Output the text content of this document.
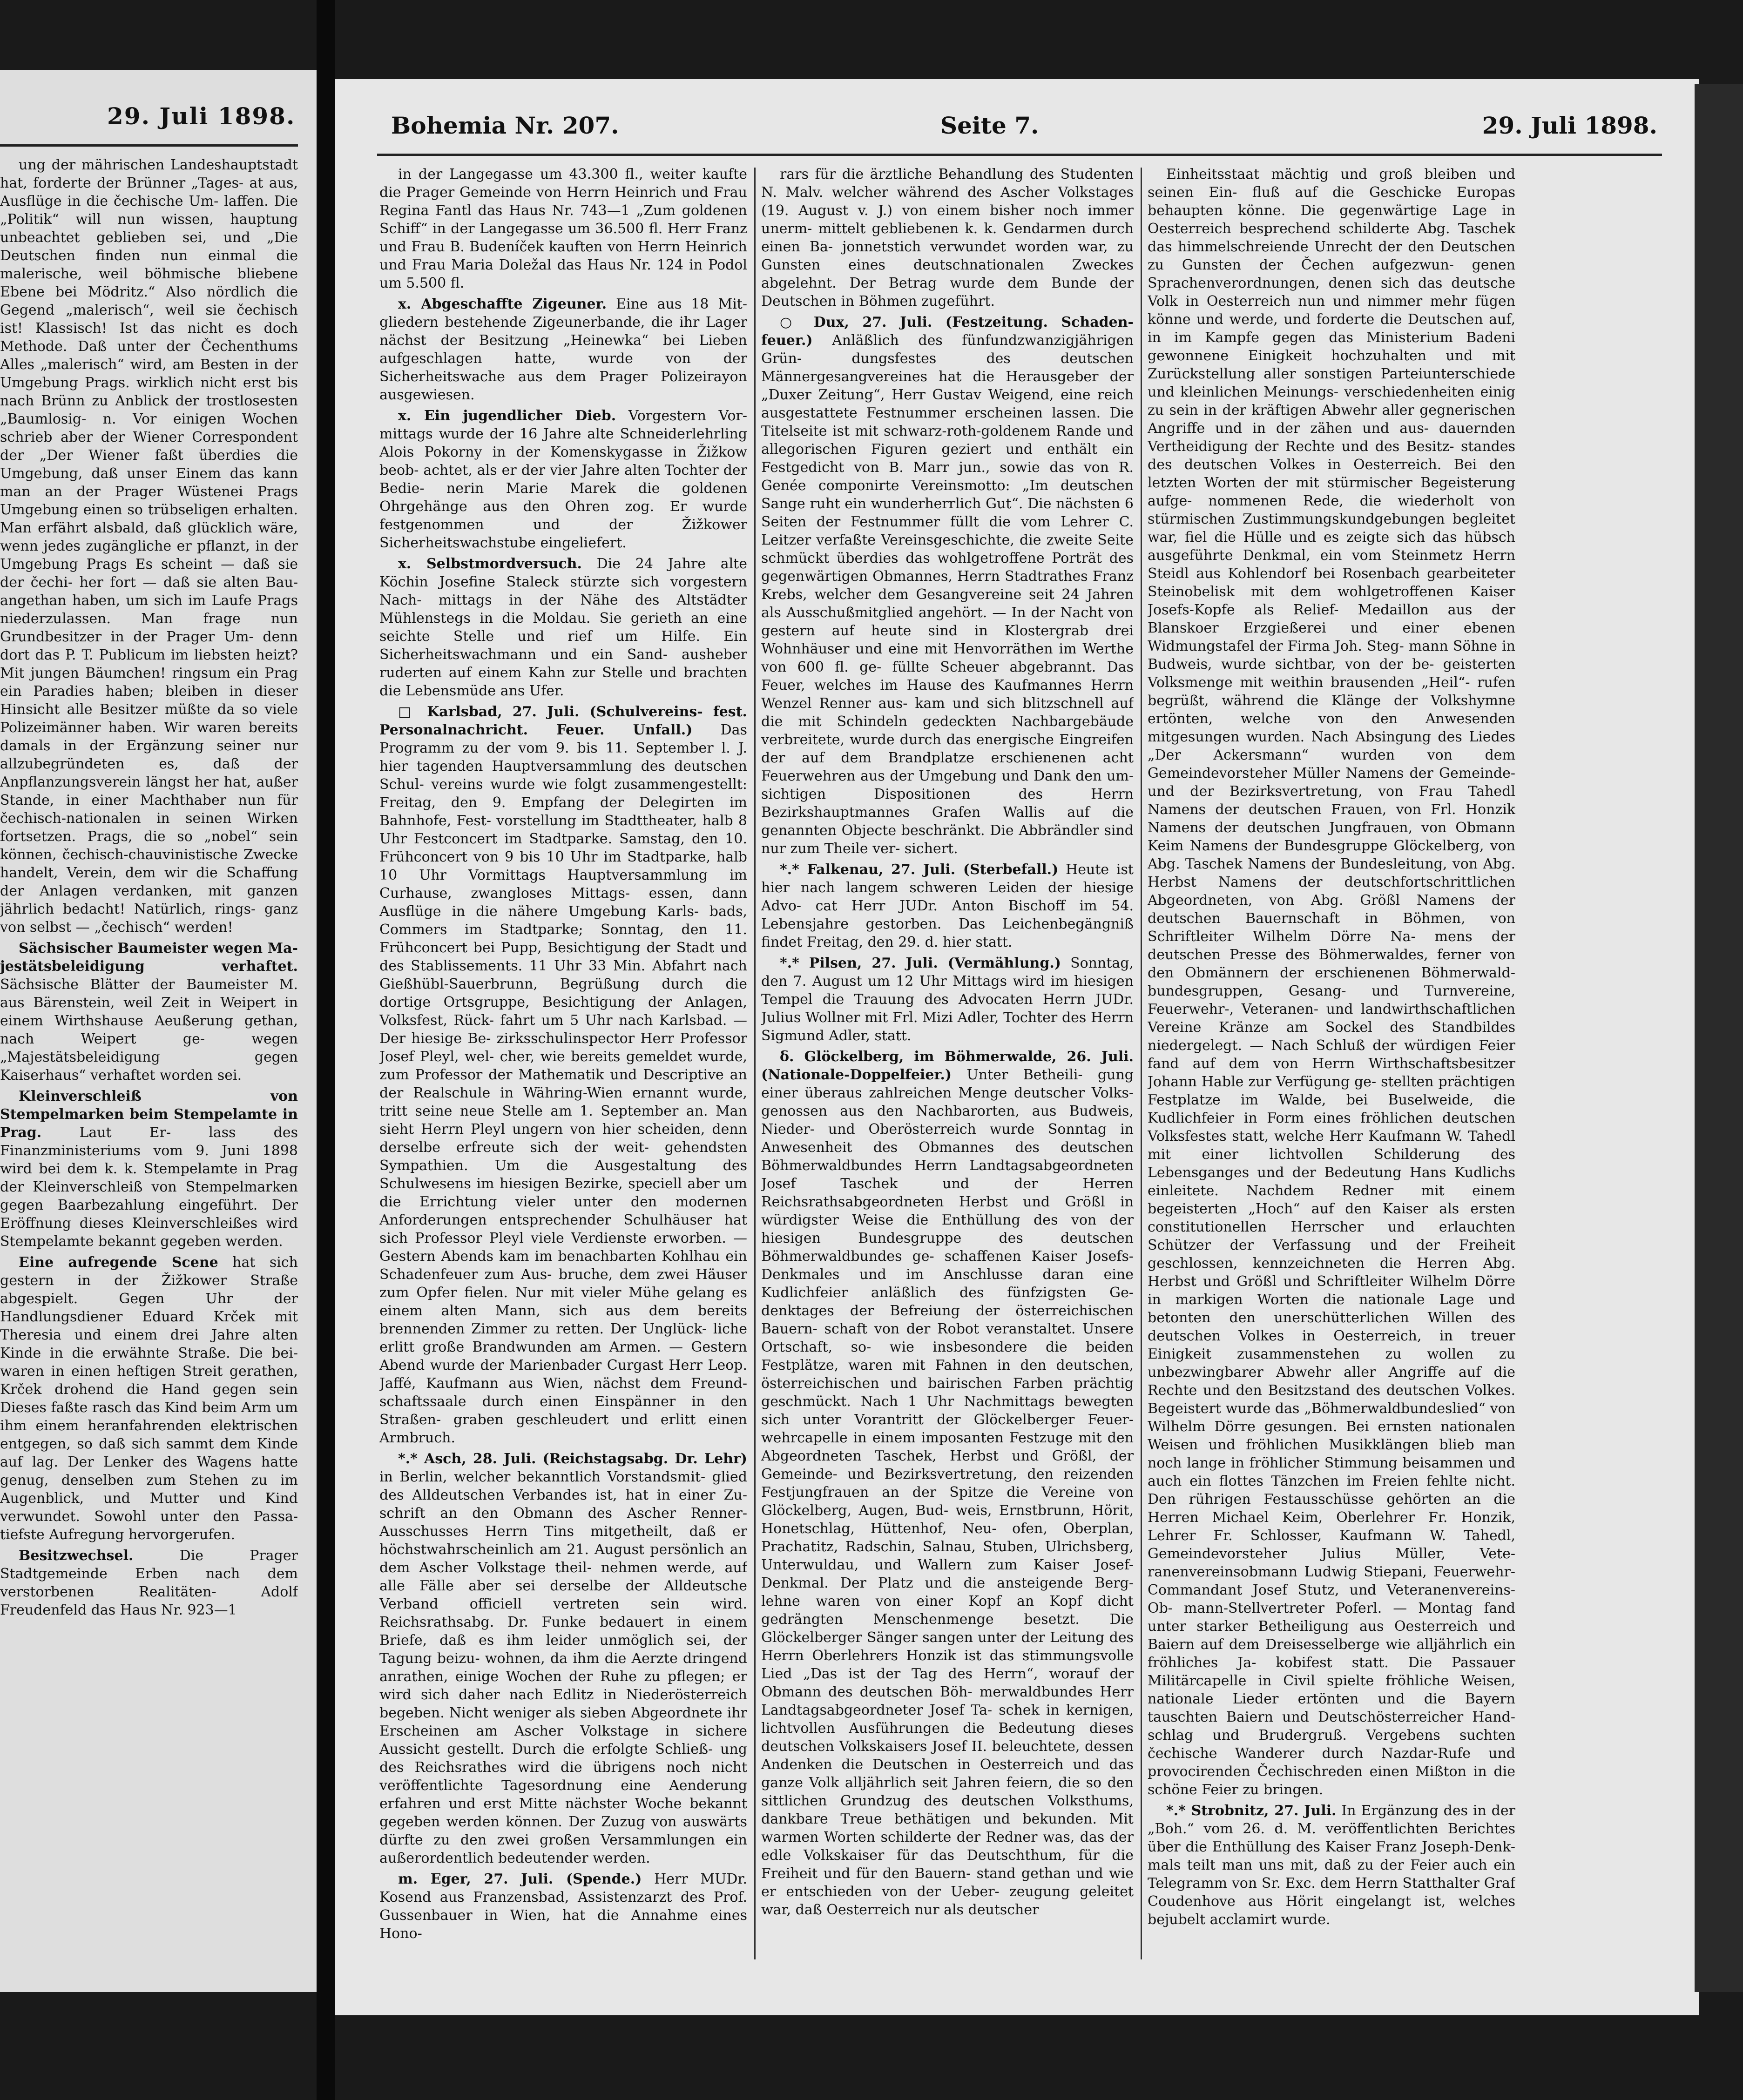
29. Juli 1898.

ung der mährischen Landeshauptstadt hat, forderte der Brünner „Tages- at aus, Ausflüge in die čechische Um- laffen. Die „Politik“ will nun wissen, hauptung unbeachtet geblieben sei, und „Die Deutschen finden nun einmal die malerische, weil böhmische bliebene Ebene bei Mödritz.“ Also nördlich die Gegend „malerisch“, weil sie čechisch ist! Klassisch! Ist das nicht es doch Methode. Daß unter der Čechenthums Alles „malerisch“ wird, am Besten in der Umgebung Prags. wirklich nicht erst bis nach Brünn zu Anblick der trostlosesten „Baumlosig- n. Vor einigen Wochen schrieb aber der Wiener Correspondent der „Der Wiener faßt überdies die Umgebung, daß unser Einem das kann man an der Prager Wüstenei Prags Umgebung einen so trübseligen erhalten. Man erfährt alsbald, daß glücklich wäre, wenn jedes zugängliche er pflanzt, in der Umgebung Prags Es scheint — daß sie der čechi- her fort — daß sie alten Bau- angethan haben, um sich im Laufe Prags niederzulassen. Man frage nun Grundbesitzer in der Prager Um- denn dort das P. T. Publicum im liebsten heizt? Mit jungen Bäumchen! ringsum ein Prag ein Paradies haben; bleiben in dieser Hinsicht alle Besitzer müßte da so viele Polizeimänner haben. Wir waren bereits damals in der Ergänzung seiner nur allzubegründeten es, daß der Anpflanzungsverein längst her hat, außer Stande, in einer Machthaber nun für čechisch-nationalen in seinen Wirken fortsetzen. Prags, die so „nobel“ sein können, čechisch-chauvinistische Zwecke handelt, Verein, dem wir die Schaffung der Anlagen verdanken, mit ganzen jährlich bedacht! Natürlich, rings- ganz von selbst — „čechisch“ werden!

Sächsischer Baumeister wegen Ma- jestätsbeleidigung verhaftet. Sächsische Blätter der Baumeister M. aus Bärenstein, weil Zeit in Weipert in einem Wirthshause Aeußerung gethan, nach Weipert ge- wegen „Majestätsbeleidigung gegen Kaiserhaus“ verhaftet worden sei.

Kleinverschleiß von Stempelmarken beim Stempelamte in Prag.	Laut Er- lass des Finanzministeriums vom 9. Juni 1898 wird bei dem k. k. Stempelamte in Prag der Kleinverschleiß von Stempelmarken gegen Baarbezahlung eingeführt. Der Eröffnung dieses Kleinverschleißes wird Stempelamte bekannt gegeben werden.

Eine aufregende Scene hat sich gestern in der Žižkower Straße abgespielt. Gegen Uhr der Handlungsdiener Eduard Krček mit Theresia und einem drei Jahre alten Kinde in die erwähnte Straße. Die bei- waren in einen heftigen Streit gerathen, Krček drohend die Hand gegen sein Dieses faßte rasch das Kind beim Arm um ihm einem heranfahrenden elektrischen entgegen, so daß sich sammt dem Kinde auf lag. Der Lenker des Wagens hatte genug, denselben zum Stehen zu im Augenblick, und Mutter und Kind verwundet. Sowohl unter den Passa- tiefste Aufregung hervorgerufen.

Besitzwechsel.	Die Prager Stadtgemeinde Erben nach dem verstorbenen Realitäten- Adolf Freudenfeld das Haus Nr. 923—1

Bohemia Nr. 207.	Seite 7.	29. Juli 1898.

in der Langegasse um 43.300 fl., weiter kaufte die Prager Gemeinde von Herrn Heinrich und Frau Regina Fantl das Haus Nr. 743—1 „Zum goldenen Schiff“ in der Langegasse um 36.500 fl. Herr Franz und Frau B. Budeníček kauften von Herrn Heinrich und Frau Maria Doležal das Haus Nr. 124 in Podol um 5.500 fl.

x. Abgeschaffte Zigeuner. Eine aus 18 Mit- gliedern bestehende Zigeunerbande, die ihr Lager nächst der Besitzung „Heinewka“ bei Lieben aufgeschlagen hatte, wurde von der Sicherheitswache aus dem Prager Polizeirayon ausgewiesen.

x. Ein jugendlicher Dieb. Vorgestern Vor- mittags wurde der 16 Jahre alte Schneiderlehrling Alois Pokorny in der Komenskygasse in Žižkow beob- achtet, als er der vier Jahre alten Tochter der Bedie- nerin Marie Marek die goldenen Ohrgehänge aus den Ohren zog. Er wurde festgenommen und der Žižkower Sicherheitswachstube eingeliefert.

x. Selbstmordversuch. Die 24 Jahre alte Köchin Josefine Staleck stürzte sich vorgestern Nach- mittags in der Nähe des Altstädter Mühlenstegs in die Moldau. Sie gerieth an eine seichte Stelle und rief um Hilfe. Ein Sicherheitswachmann und ein Sand- ausheber ruderten auf einem Kahn zur Stelle und brachten die Lebensmüde ans Ufer.

□ Karlsbad, 27. Juli. (Schulvereins- fest. Personalnachricht. Feuer. Unfall.) Das Programm zu der vom 9. bis 11. September l. J. hier tagenden Hauptversammlung des deutschen Schul- vereins wurde wie folgt zusammengestellt: Freitag, den 9. Empfang der Delegirten im Bahnhofe, Fest- vorstellung im Stadttheater, halb 8 Uhr Festconcert im Stadtparke. Samstag, den 10. Frühconcert von 9 bis 10 Uhr im Stadtparke, halb 10 Uhr Vormittags Hauptversammlung im Curhause, zwangloses Mittags- essen, dann Ausflüge in die nähere Umgebung Karls- bads, Commers im Stadtparke; Sonntag, den 11. Frühconcert bei Pupp, Besichtigung der Stadt und des Stablissements. 11 Uhr 33 Min. Abfahrt nach Gießhübl-Sauerbrunn, Begrüßung durch die dortige Ortsgruppe, Besichtigung der Anlagen, Volksfest, Rück- fahrt um 5 Uhr nach Karlsbad. — Der hiesige Be- zirksschulinspector Herr Professor Josef Pleyl, wel- cher, wie bereits gemeldet wurde, zum Professor der Mathematik und Descriptive an der Realschule in Währing-Wien ernannt wurde, tritt seine neue Stelle am 1. September an. Man sieht Herrn Pleyl ungern von hier scheiden, denn derselbe erfreute sich der weit- gehendsten Sympathien. Um die Ausgestaltung des Schulwesens im hiesigen Bezirke, speciell aber um die Errichtung vieler unter den modernen Anforderungen entsprechender Schulhäuser hat sich Professor Pleyl viele Verdienste erworben. — Gestern Abends kam im benachbarten Kohlhau ein Schadenfeuer zum Aus- bruche, dem zwei Häuser zum Opfer fielen. Nur mit vieler Mühe gelang es einem alten Mann, sich aus dem bereits brennenden Zimmer zu retten. Der Unglück- liche erlitt große Brandwunden am Armen. — Gestern Abend wurde der Marienbader Curgast Herr Leop. Jaffé, Kaufmann aus Wien, nächst dem Freund- schaftssaale durch einen Einspänner in den Straßen- graben geschleudert und erlitt einen Armbruch.

*.* Asch, 28. Juli. (Reichstagsabg. Dr. Lehr) in Berlin, welcher bekanntlich Vorstandsmit- glied des Alldeutschen Verbandes ist, hat in einer Zu- schrift an den Obmann des Ascher Renner-Ausschusses Herrn Tins mitgetheilt, daß er höchstwahrscheinlich am 21. August persönlich an dem Ascher Volkstage theil- nehmen werde, auf alle Fälle aber sei derselbe der Alldeutsche Verband officiell vertreten sein wird. Reichsrathsabg. Dr. Funke bedauert in einem Briefe, daß es ihm leider unmöglich sei, der Tagung beizu- wohnen, da ihm die Aerzte dringend anrathen, einige Wochen der Ruhe zu pflegen; er wird sich daher nach Edlitz in Niederösterreich begeben. Nicht weniger als sieben Abgeordnete ihr Erscheinen am Ascher Volkstage in sichere Aussicht gestellt. Durch die erfolgte Schließ- ung des Reichsrathes wird die übrigens noch nicht veröffentlichte Tagesordnung eine Aenderung erfahren und erst Mitte nächster Woche bekannt gegeben werden können. Der Zuzug von auswärts dürfte zu den zwei großen Versammlungen ein außerordentlich bedeutender werden.

m. Eger, 27. Juli. (Spende.) Herr MUDr. Kosend aus Franzensbad, Assistenzarzt des Prof. Gussenbauer in Wien, hat die Annahme eines Hono-

rars für die ärztliche Behandlung des Studenten N. Malv. welcher während des Ascher Volkstages (19. August v. J.) von einem bisher noch immer unerm- mittelt gebliebenen k. k. Gendarmen durch einen Ba- jonnetstich verwundet worden war, zu Gunsten eines deutschnationalen Zweckes abgelehnt. Der Betrag wurde dem Bunde der Deutschen in Böhmen zugeführt.

○ Dux, 27. Juli. (Festzeitung. Schaden- feuer.) Anläßlich des fünfundzwanzigjährigen Grün- dungsfestes des deutschen Männergesangvereines hat die Herausgeber der „Duxer Zeitung“, Herr Gustav Weigend, eine reich ausgestattete Festnummer erscheinen lassen. Die Titelseite ist mit schwarz-roth-goldenem Rande und allegorischen Figuren geziert und enthält ein Festgedicht von B. Marr jun., sowie das von R. Genée componirte Vereinsmotto: „Im deutschen Sange ruht ein wunderherrlich Gut“. Die nächsten 6 Seiten der Festnummer füllt die vom Lehrer C. Leitzer verfaßte Vereinsgeschichte, die zweite Seite schmückt überdies das wohlgetroffene Porträt des gegenwärtigen Obmannes, Herrn Stadtrathes Franz Krebs, welcher dem Gesangvereine seit 24 Jahren als Ausschußmitglied angehört. — In der Nacht von gestern auf heute sind in Klostergrab drei Wohnhäuser und eine mit Henvorräthen im Werthe von 600 fl. ge- füllte Scheuer abgebrannt. Das Feuer, welches im Hause des Kaufmannes Herrn Wenzel Renner aus- kam und sich blitzschnell auf die mit Schindeln gedeckten Nachbargebäude verbreitete, wurde durch das energische Eingreifen der auf dem Brandplatze erschienenen acht Feuerwehren aus der Umgebung und Dank den um- sichtigen Dispositionen des Herrn Bezirkshauptmannes Grafen Wallis auf die genannten Objecte beschränkt. Die Abbrändler sind nur zum Theile ver- sichert.

*.* Falkenau, 27. Juli. (Sterbefall.) Heute ist hier nach langem schweren Leiden der hiesige Advo- cat Herr JUDr. Anton Bischoff im 54. Lebensjahre gestorben. Das Leichenbegängniß findet Freitag, den 29. d. hier statt.

*.* Pilsen, 27. Juli. (Vermählung.) Sonntag, den 7. August um 12 Uhr Mittags wird im hiesigen Tempel die Trauung des Advocaten Herrn JUDr. Julius Wollner mit Frl. Mizi Adler, Tochter des Herrn Sigmund Adler, statt.

δ. Glöckelberg, im Böhmerwalde, 26. Juli. (Nationale-Doppelfeier.) Unter Betheili- gung einer überaus zahlreichen Menge deutscher Volks- genossen aus den Nachbarorten, aus Budweis, Nieder- und Oberösterreich wurde Sonntag in Anwesenheit des Obmannes des deutschen Böhmerwaldbundes Herrn Landtagsabgeordneten Josef Taschek und der Herren Reichsrathsabgeordneten Herbst und Größl in würdigster Weise die Enthüllung des von der hiesigen Bundesgruppe des deutschen Böhmerwaldbundes ge- schaffenen Kaiser Josefs-Denkmales und im Anschlusse daran eine Kudlichfeier anläßlich des fünfzigsten Ge- denktages der Befreiung der österreichischen Bauern- schaft von der Robot veranstaltet. Unsere Ortschaft, so- wie insbesondere die beiden Festplätze, waren mit Fahnen in den deutschen, österreichischen und bairischen Farben prächtig geschmückt. Nach 1 Uhr Nachmittags bewegten sich unter Vorantritt der Glöckelberger Feuer- wehrcapelle in einem imposanten Festzuge mit den Abgeordneten Taschek, Herbst und Größl, der Gemeinde- und Bezirksvertretung, den reizenden Festjungfrauen an der Spitze die Vereine von Glöckelberg, Augen, Bud- weis, Ernstbrunn, Hörit, Honetschlag, Hüttenhof, Neu- ofen, Oberplan, Prachatitz, Radschin, Salnau, Stuben, Ulrichsberg, Unterwuldau, und Wallern zum Kaiser Josef-Denkmal. Der Platz und die ansteigende Berg- lehne waren von einer Kopf an Kopf dicht gedrängten Menschenmenge besetzt. Die Glöckelberger Sänger sangen unter der Leitung des Herrn Oberlehrers Honzik ist das stimmungsvolle Lied „Das ist der Tag des Herrn“, worauf der Obmann des deutschen Böh- merwaldbundes Herr Landtagsabgeordneter Josef Ta- schek in kernigen, lichtvollen Ausführungen die Bedeutung dieses deutschen Volkskaisers Josef II. beleuchtete, dessen Andenken die Deutschen in Oesterreich und das ganze Volk alljährlich seit Jahren feiern, die so den sittlichen Grundzug des deutschen Volksthums, dankbare Treue bethätigen und bekunden. Mit warmen Worten schilderte der Redner was, das der edle Volkskaiser für das Deutschthum, für die Freiheit und für den Bauern- stand gethan und wie er entschieden von der Ueber- zeugung geleitet war, daß Oesterreich nur als deutscher

Einheitsstaat mächtig und groß bleiben und seinen Ein- fluß auf die Geschicke Europas behaupten könne. Die gegenwärtige Lage in Oesterreich besprechend schilderte Abg. Taschek das himmelschreiende Unrecht der den Deutschen zu Gunsten der Čechen aufgezwun- genen Sprachenverordnungen, denen sich das deutsche Volk in Oesterreich nun und nimmer mehr fügen könne und werde, und forderte die Deutschen auf, in im Kampfe gegen das Ministerium Badeni gewonnene Einigkeit hochzuhalten und mit Zurückstellung aller sonstigen Parteiunterschiede und kleinlichen Meinungs- verschiedenheiten einig zu sein in der kräftigen Abwehr aller gegnerischen Angriffe und in der zähen und aus- dauernden Vertheidigung der Rechte und des Besitz- standes des deutschen Volkes in Oesterreich. Bei den letzten Worten der mit stürmischer Begeisterung aufge- nommenen Rede, die wiederholt von stürmischen Zustimmungskundgebungen begleitet war, fiel die Hülle und es zeigte sich das hübsch ausgeführte Denkmal, ein vom Steinmetz Herrn Steidl aus Kohlendorf bei Rosenbach gearbeiteter Steinobelisk mit dem wohlgetroffenen Kaiser Josefs-Kopfe als Relief- Medaillon aus der Blanskoer Erzgießerei und einer ebenen Widmungstafel der Firma Joh. Steg- mann Söhne in Budweis, wurde sichtbar, von der be- geisterten Volksmenge mit weithin brausenden „Heil“- rufen begrüßt, während die Klänge der Volkshymne ertönten, welche von den Anwesenden mitgesungen wurden. Nach Absingung des Liedes „Der Ackersmann“ wurden von dem Gemeindevorsteher Müller Namens der Gemeinde- und der Bezirksvertretung, von Frau Tahedl Namens der deutschen Frauen, von Frl. Honzik Namens der deutschen Jungfrauen, von Obmann Keim Namens der Bundesgruppe Glöckelberg, von Abg. Taschek Namens der Bundesleitung, von Abg. Herbst Namens der deutschfortschrittlichen Abgeordneten, von Abg. Größl Namens der deutschen Bauernschaft in Böhmen, von Schriftleiter Wilhelm Dörre Na- mens der deutschen Presse des Böhmerwaldes, ferner von den Obmännern der erschienenen Böhmerwald- bundesgruppen, Gesang- und Turnvereine, Feuerwehr-, Veteranen- und landwirthschaftlichen Vereine Kränze am Sockel des Standbildes niedergelegt. — Nach Schluß der würdigen Feier fand auf dem von Herrn Wirthschaftsbesitzer Johann Hable zur Verfügung ge- stellten prächtigen Festplatze im Walde, bei Buselweide, die Kudlichfeier in Form eines fröhlichen deutschen Volksfestes statt, welche Herr Kaufmann W. Tahedl mit einer lichtvollen Schilderung des Lebensganges und der Bedeutung Hans Kudlichs einleitete. Nachdem Redner mit einem begeisterten „Hoch“ auf den Kaiser als ersten constitutionellen Herrscher und erlauchten Schützer der Verfassung und der Freiheit geschlossen, kennzeichneten die Herren Abg. Herbst und Größl und Schriftleiter Wilhelm Dörre in markigen Worten die nationale Lage und betonten den unerschütterlichen Willen des deutschen Volkes in Oesterreich, in treuer Einigkeit zusammenstehen zu wollen zu unbezwingbarer Abwehr aller Angriffe auf die Rechte und den Besitzstand des deutschen Volkes. Begeistert wurde das „Böhmerwaldbundeslied“ von Wilhelm Dörre gesungen. Bei ernsten nationalen Weisen und fröhlichen Musikklängen blieb man noch lange in fröhlicher Stimmung beisammen und auch ein flottes Tänzchen im Freien fehlte nicht. Den rührigen Festausschüsse gehörten an die Herren Michael Keim, Oberlehrer Fr. Honzik, Lehrer Fr. Schlosser, Kaufmann W. Tahedl, Gemeindevorsteher Julius Müller, Vete- ranenvereinsobmann Ludwig Stiepani, Feuerwehr- Commandant Josef Stutz, und Veteranenvereins-Ob- mann-Stellvertreter Poferl. — Montag fand unter starker Betheiligung aus Oesterreich und Baiern auf dem Dreisesselberge wie alljährlich ein fröhliches Ja- kobifest statt. Die Passauer Militärcapelle in Civil spielte fröhliche Weisen, nationale Lieder ertönten und die Bayern tauschten Baiern und Deutschösterreicher Hand- schlag und Brudergruß. Vergebens suchten čechische Wanderer durch Nazdar-Rufe und provocirenden Čechischreden einen Mißton in die schöne Feier zu bringen.

*.* Strobnitz, 27. Juli. In Ergänzung des in der „Boh.“ vom 26. d. M. veröffentlichten Berichtes über die Enthüllung des Kaiser Franz Joseph-Denk- mals teilt man uns mit, daß zu der Feier auch ein Telegramm von Sr. Exc. dem Herrn Statthalter Graf Coudenhove aus Hörit eingelangt ist, welches bejubelt acclamirt wurde.
